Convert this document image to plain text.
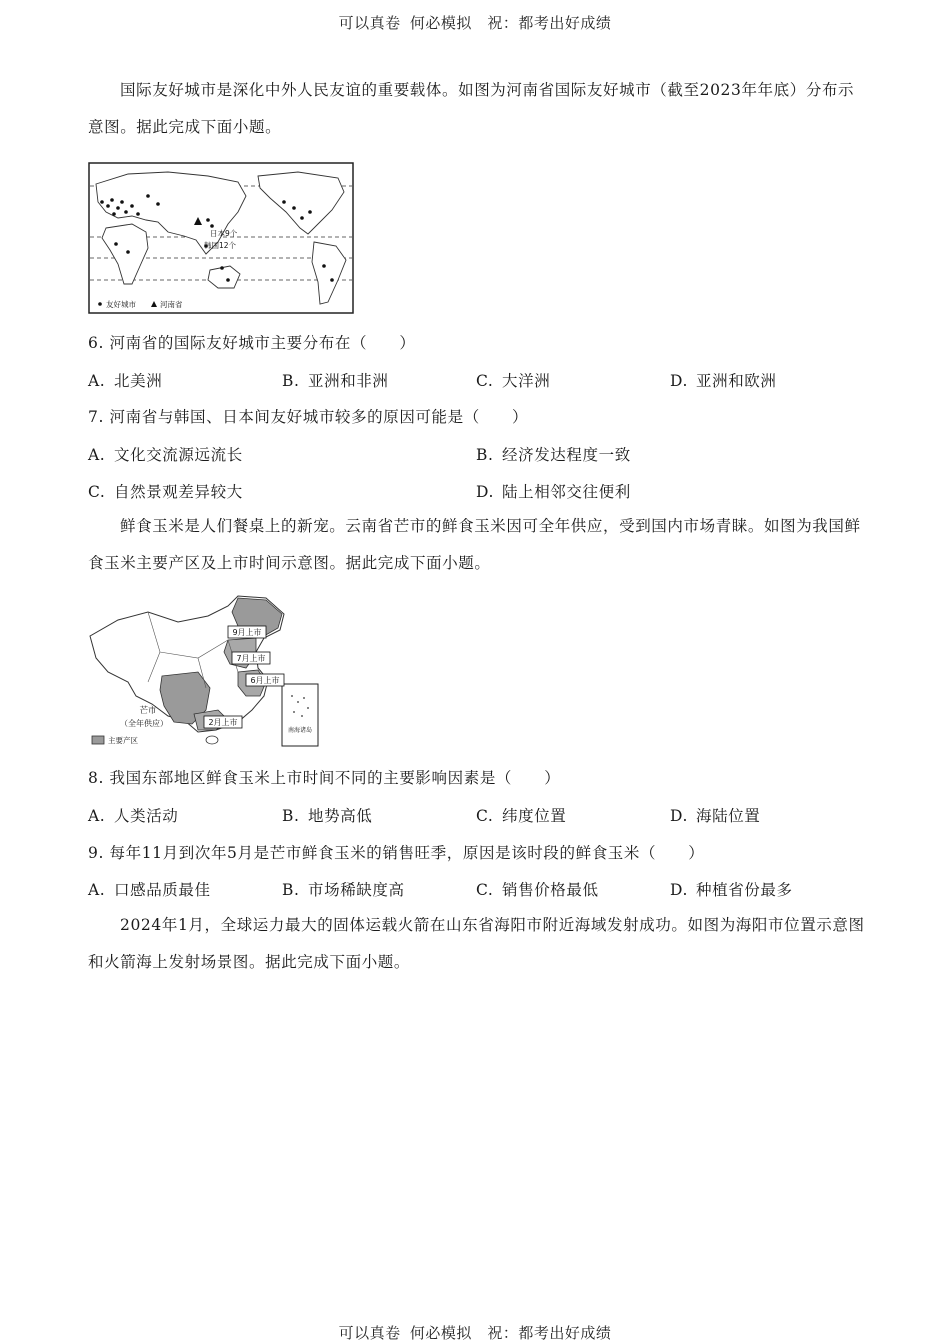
可以真卷 何必模拟　祝：都考出好成绩
国际友好城市是深化中外人民友谊的重要载体。如图为河南省国际友好城市（截至2023年年底）分布示意图。据此完成下面小题。
日本9个
韩国12个
友好城市	河南省
6. 河南省的国际友好城市主要分布在（　　）
A. 北美洲	B. 亚洲和非洲	C. 大洋洲	D. 亚洲和欧洲
7. 河南省与韩国、日本间友好城市较多的原因可能是（　　）
A. 文化交流源远流长	B. 经济发达程度一致
C. 自然景观差异较大	D. 陆上相邻交往便利
鲜食玉米是人们餐桌上的新宠。云南省芒市的鲜食玉米因可全年供应，受到国内市场青睐。如图为我国鲜食玉米主要产区及上市时间示意图。据此完成下面小题。
南海诸岛
9月上市
7月上市
6月上市
2月上市
芒市
（全年供应）
主要产区
8. 我国东部地区鲜食玉米上市时间不同的主要影响因素是（　　）
A. 人类活动	B. 地势高低	C. 纬度位置	D. 海陆位置
9. 每年11月到次年5月是芒市鲜食玉米的销售旺季，原因是该时段的鲜食玉米（　　）
A. 口感品质最佳	B. 市场稀缺度高	C. 销售价格最低	D. 种植省份最多
2024年1月，全球运力最大的固体运载火箭在山东省海阳市附近海域发射成功。如图为海阳市位置示意图和火箭海上发射场景图。据此完成下面小题。
可以真卷 何必模拟　祝：都考出好成绩
